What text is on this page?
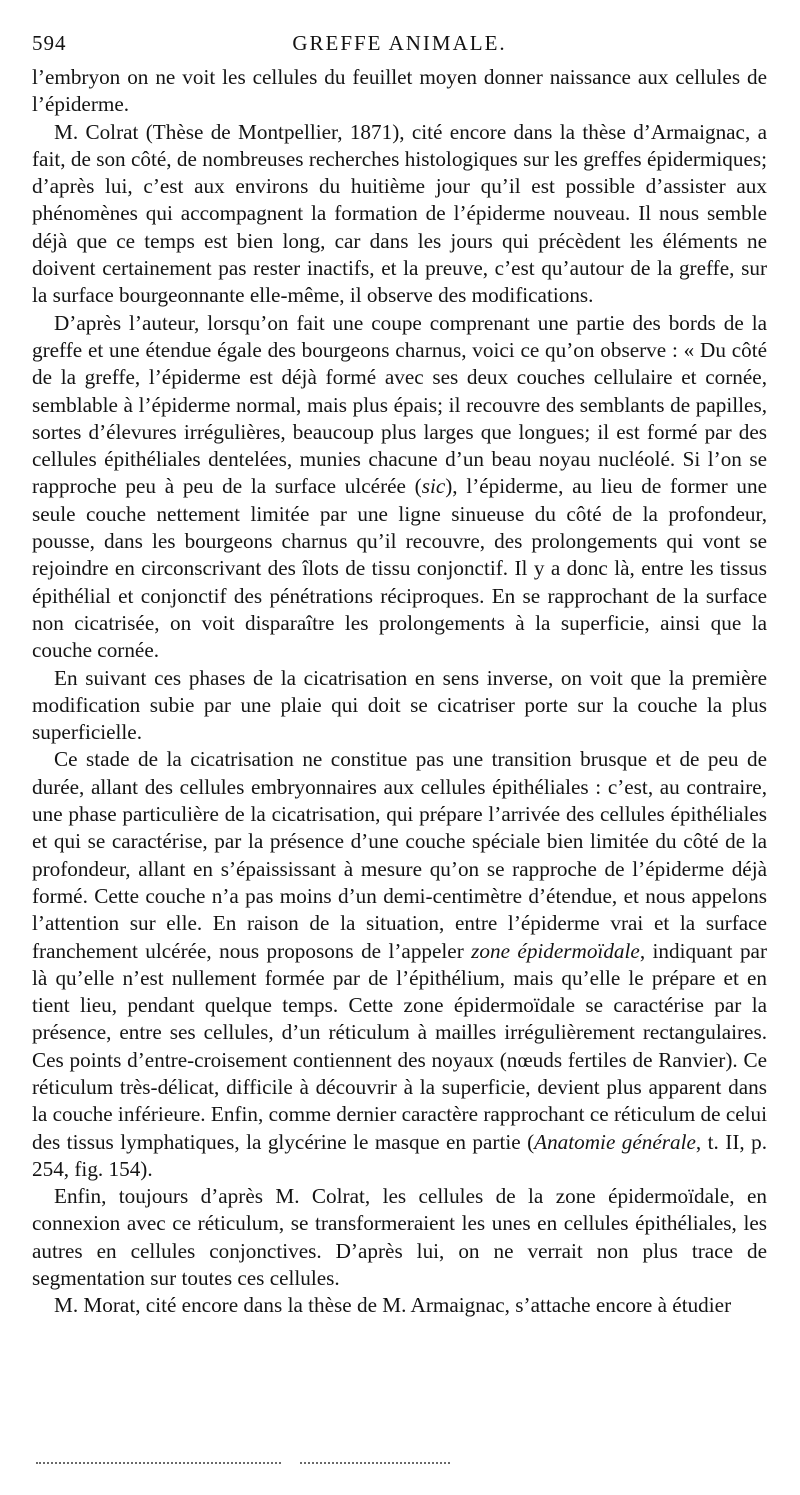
594	GREFFE ANIMALE.

l’embryon on ne voit les cellules du feuillet moyen donner naissance aux cellules de l’épiderme.

M. Colrat (Thèse de Montpellier, 1871), cité encore dans la thèse d’Armaignac, a fait, de son côté, de nombreuses recherches histologiques sur les greffes épidermiques; d’après lui, c’est aux environs du huitième jour qu’il est possible d’assister aux phénomènes qui accompagnent la formation de l’épiderme nouveau. Il nous semble déjà que ce temps est bien long, car dans les jours qui précèdent les éléments ne doivent certainement pas rester inactifs, et la preuve, c’est qu’autour de la greffe, sur la surface bourgeonnante elle-même, il observe des modifications.

D’après l’auteur, lorsqu’on fait une coupe comprenant une partie des bords de la greffe et une étendue égale des bourgeons charnus, voici ce qu’on observe : « Du côté de la greffe, l’épiderme est déjà formé avec ses deux couches cellulaire et cornée, semblable à l’épiderme normal, mais plus épais; il recouvre des semblants de papilles, sortes d’élevures irrégulières, beaucoup plus larges que longues; il est formé par des cellules épithéliales dentelées, munies chacune d’un beau noyau nucléolé. Si l’on se rapproche peu à peu de la surface ulcérée (sic), l’épiderme, au lieu de former une seule couche nettement limitée par une ligne sinueuse du côté de la profondeur, pousse, dans les bourgeons charnus qu’il recouvre, des prolongements qui vont se rejoindre en circonscrivant des îlots de tissu conjonctif. Il y a donc là, entre les tissus épithélial et conjonctif des pénétrations réciproques. En se rapprochant de la surface non cicatrisée, on voit disparaître les prolongements à la superficie, ainsi que la couche cornée.

En suivant ces phases de la cicatrisation en sens inverse, on voit que la première modification subie par une plaie qui doit se cicatriser porte sur la couche la plus superficielle.

Ce stade de la cicatrisation ne constitue pas une transition brusque et de peu de durée, allant des cellules embryonnaires aux cellules épithéliales : c’est, au contraire, une phase particulière de la cicatrisation, qui prépare l’arrivée des cellules épithéliales et qui se caractérise, par la présence d’une couche spéciale bien limitée du côté de la profondeur, allant en s’épaississant à mesure qu’on se rapproche de l’épiderme déjà formé. Cette couche n’a pas moins d’un demi-centimètre d’étendue, et nous appelons l’attention sur elle. En raison de la situation, entre l’épiderme vrai et la surface franchement ulcérée, nous proposons de l’appeler zone épidermoïdale, indiquant par là qu’elle n’est nullement formée par de l’épithélium, mais qu’elle le prépare et en tient lieu, pendant quelque temps. Cette zone épidermoïdale se caractérise par la présence, entre ses cellules, d’un réticulum à mailles irrégulièrement rectangulaires. Ces points d’entre-croisement contiennent des noyaux (nœuds fertiles de Ranvier). Ce réticulum très-délicat, difficile à découvrir à la superficie, devient plus apparent dans la couche inférieure. Enfin, comme dernier caractère rapprochant ce réticulum de celui des tissus lymphatiques, la glycérine le masque en partie (Anatomie générale, t. II, p. 254, fig. 154).

Enfin, toujours d’après M. Colrat, les cellules de la zone épidermoïdale, en connexion avec ce réticulum, se transformeraient les unes en cellules épithéliales, les autres en cellules conjonctives. D’après lui, on ne verrait non plus trace de segmentation sur toutes ces cellules.

M. Morat, cité encore dans la thèse de M. Armaignac, s’attache encore à étudier
